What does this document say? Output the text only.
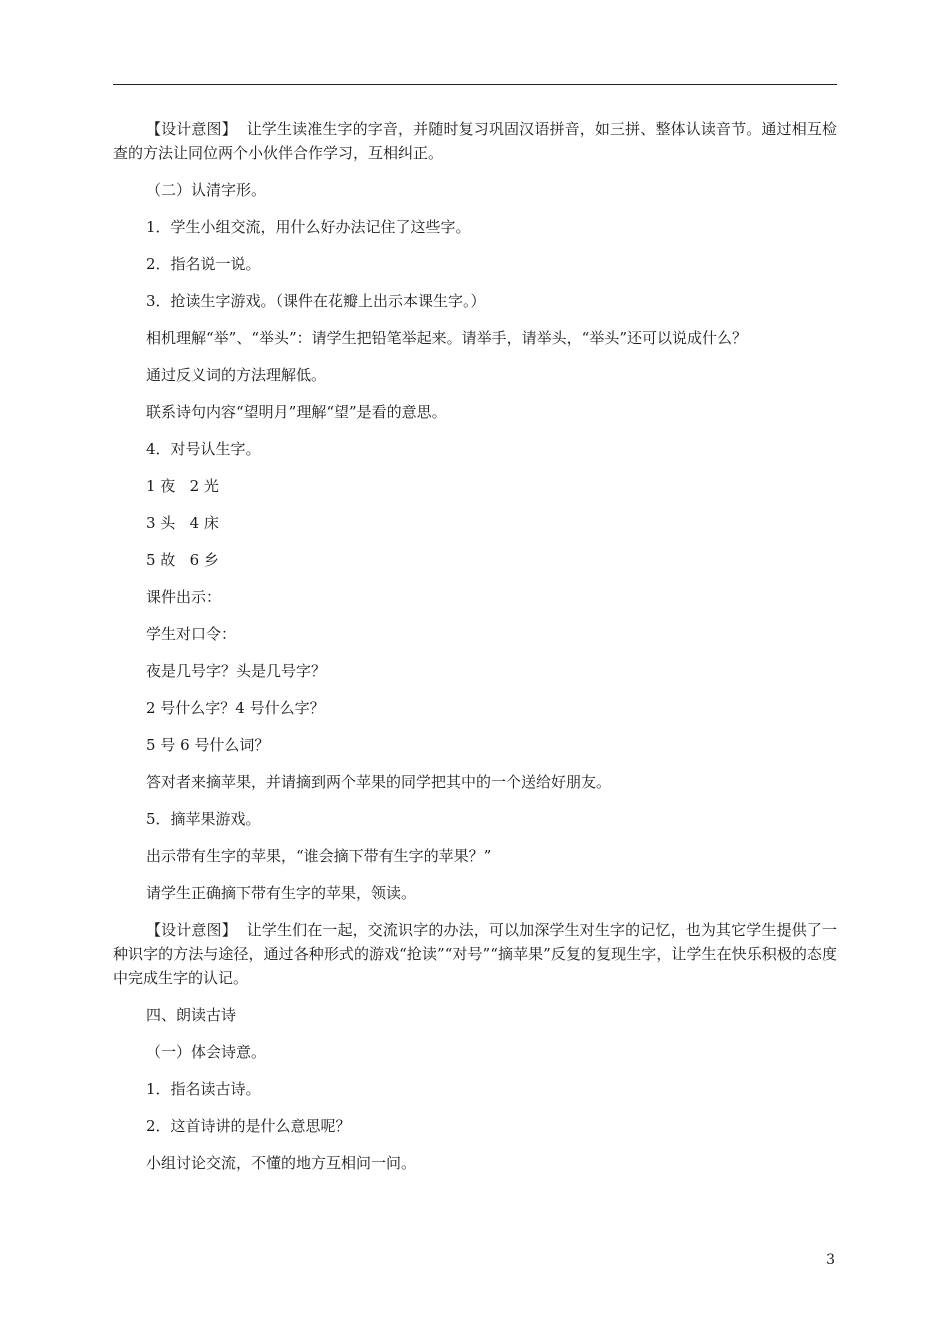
【设计意图】  让学生读准生字的字音，并随时复习巩固汉语拼音，如三拼、整体认读音节。通过相互检查的方法让同位两个小伙伴合作学习，互相纠正。

（二）认清字形。

1．学生小组交流，用什么好办法记住了这些字。

2．指名说一说。

3．抢读生字游戏。（课件在花瓣上出示本课生字。）

相机理解“举”、“举头”：请学生把铅笔举起来。请举手，请举头，“举头”还可以说成什么？

通过反义词的方法理解低。

联系诗句内容“望明月”理解“望”是看的意思。

4．对号认生字。

1 夜   2 光

3 头   4 床

5 故   6 乡

课件出示：

学生对口令：

夜是几号字？头是几号字？

2 号什么字？4 号什么字？

5 号 6 号什么词？

答对者来摘苹果，并请摘到两个苹果的同学把其中的一个送给好朋友。

5．摘苹果游戏。

出示带有生字的苹果，“谁会摘下带有生字的苹果？”

请学生正确摘下带有生字的苹果，领读。

【设计意图】  让学生们在一起，交流识字的办法，可以加深学生对生字的记忆，也为其它学生提供了一种识字的方法与途径，通过各种形式的游戏“抢读”“对号”“摘苹果”反复的复现生字，让学生在快乐积极的态度中完成生字的认记。

四、朗读古诗

（一）体会诗意。

1．指名读古诗。

2．这首诗讲的是什么意思呢？

小组讨论交流，不懂的地方互相问一问。

3
